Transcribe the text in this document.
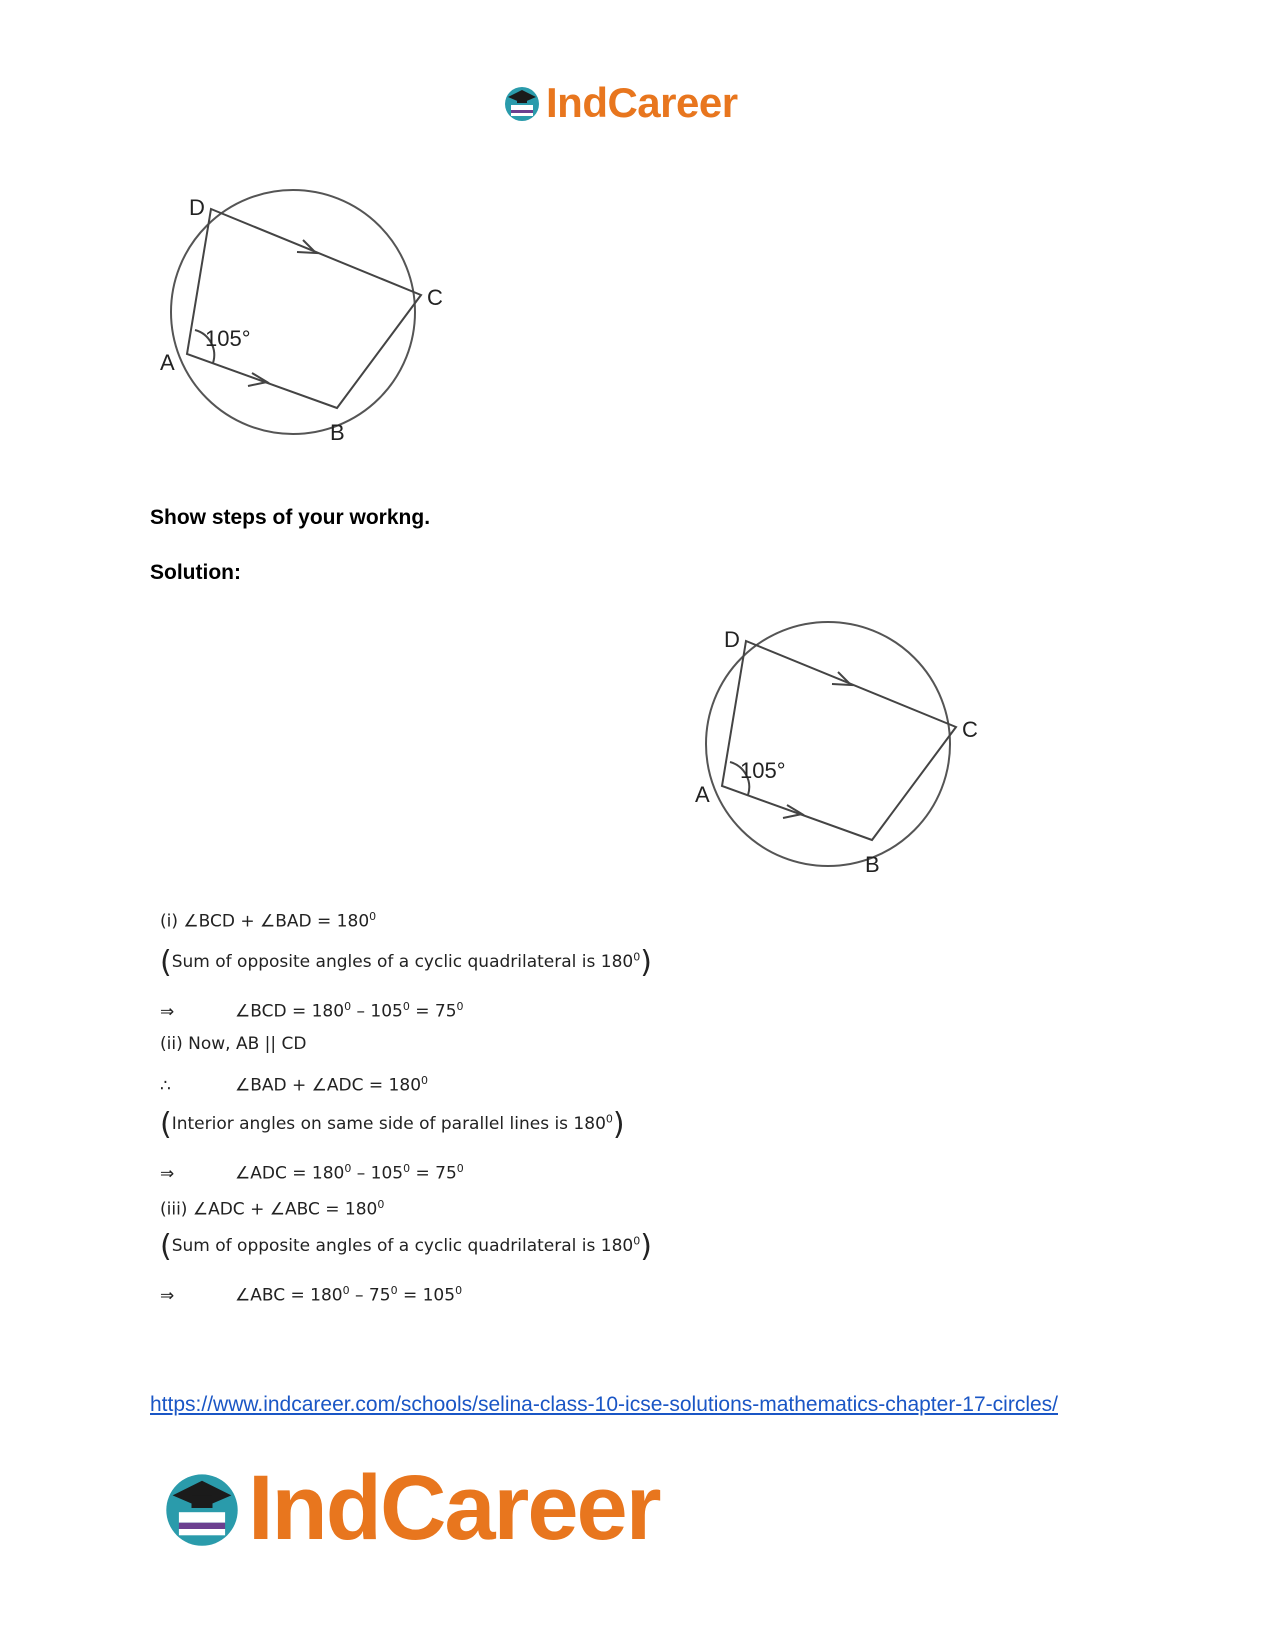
IndCareer
D
C
A
B
105°
Show steps of your workng.
Solution:
D
C
A
B
105°
(i) ∠BCD + ∠BAD = $180^0$
(Sum of opposite angles of a cyclic quadrilateral is $180^0$)
⇒	∠BCD = $180^0 - 105^0 = 75^0$
(ii) Now, AB || CD
∴	∠BAD + ∠ADC = $180^0$
(Interior angles on same side of parallel lines is $180^0$)
⇒	∠ADC = $180^0 - 105^0 = 75^0$
(iii) ∠ADC + ∠ABC = $180^0$
(Sum of opposite angles of a cyclic quadrilateral is $180^0$)
⇒	∠ABC = $180^0 - 75^0 = 105^0$
https://www.indcareer.com/schools/selina-class-10-icse-solutions-mathematics-chapter-17-circles/
IndCareer
